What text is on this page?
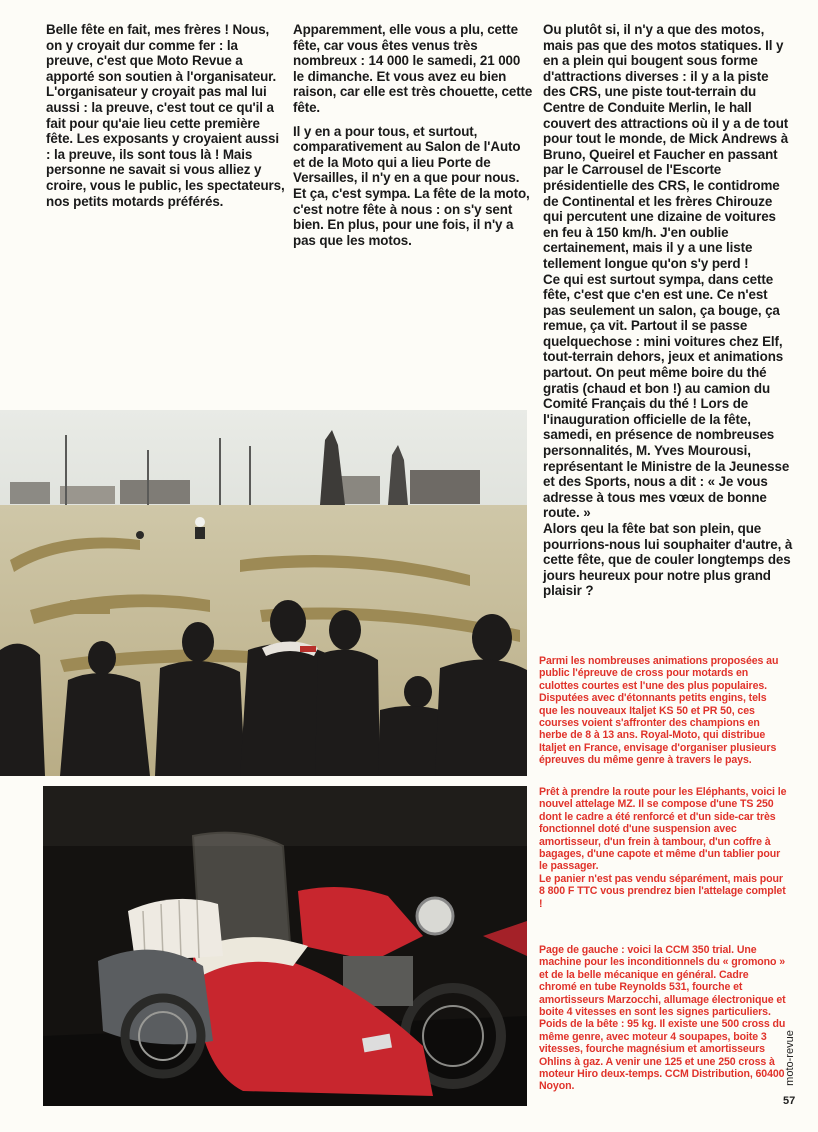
Belle fête en fait, mes frères ! Nous, on y croyait dur comme fer : la preuve, c'est que Moto Revue a apporté son soutien à l'organisateur. L'organisateur y croyait pas mal lui aussi : la preuve, c'est tout ce qu'il a fait pour qu'aie lieu cette première fête. Les exposants y croyaient aussi : la preuve, ils sont tous là ! Mais personne ne savait si vous alliez y croire, vous le public, les spectateurs, nos petits motards préférés.

Apparemment, elle vous a plu, cette fête, car vous êtes venus très nombreux : 14 000 le samedi, 21 000 le dimanche. Et vous avez eu bien raison, car elle est très chouette, cette fête.

Il y en a pour tous, et surtout, comparativement au Salon de l'Auto et de la Moto qui a lieu Porte de Versailles, il n'y en a que pour nous. Et ça, c'est sympa. La fête de la moto, c'est notre fête à nous : on s'y sent bien. En plus, pour une fois, il n'y a pas que les motos.

Ou plutôt si, il n'y a que des motos, mais pas que des motos statiques. Il y en a plein qui bougent sous forme d'attractions diverses : il y a la piste des CRS, une piste tout-terrain du Centre de Conduite Merlin, le hall couvert des attractions où il y a de tout pour tout le monde, de Mick Andrews à Bruno, Queirel et Faucher en passant par le Carrousel de l'Escorte présidentielle des CRS, le contidrome de Continental et les frères Chirouze qui percutent une dizaine de voitures en feu à 150 km/h. J'en oublie certainement, mais il y a une liste tellement longue qu'on s'y perd !

Ce qui est surtout sympa, dans cette fête, c'est que c'en est une. Ce n'est pas seulement un salon, ça bouge, ça remue, ça vit. Partout il se passe quelquechose : mini voitures chez Elf, tout-terrain dehors, jeux et animations partout. On peut même boire du thé gratis (chaud et bon !) au camion du Comité Français du thé ! Lors de l'inauguration officielle de la fête, samedi, en présence de nombreuses personnalités, M. Yves Mourousi, représentant le Ministre de la Jeunesse et des Sports, nous a dit : « Je vous adresse à tous mes vœux de bonne route. »

Alors qeu la fête bat son plein, que pourrions-nous lui souphaiter d'autre, à cette fête, que de couler longtemps des jours heureux pour notre plus grand plaisir ?

Parmi les nombreuses animations proposées au public l'épreuve de cross pour motards en culottes courtes est l'une des plus populaires.

Disputées avec d'étonnants petits engins, tels que les nouveaux Italjet KS 50 et PR 50, ces courses voient s'affronter des champions en herbe de 8 à 13 ans. Royal-Moto, qui distribue Italjet en France, envisage d'organiser plusieurs épreuves du même genre à travers le pays.

Prêt à prendre la route pour les Eléphants, voici le nouvel attelage MZ. Il se compose d'une TS 250 dont le cadre a été renforcé et d'un side-car très fonctionnel doté d'une suspension avec amortisseur, d'un frein à tambour, d'un coffre à bagages, d'une capote et même d'un tablier pour le passager.

Le panier n'est pas vendu séparément, mais pour 8 800 F TTC vous prendrez bien l'attelage complet !

Page de gauche : voici la CCM 350 trial. Une machine pour les inconditionnels du « gromono » et de la belle mécanique en général. Cadre chromé en tube Reynolds 531, fourche et amortisseurs Marzocchi, allumage électronique et boite 4 vitesses en sont les signes particuliers. Poids de la bête : 95 kg. Il existe une 500 cross du même genre, avec moteur 4 soupapes, boite 3 vitesses, fourche magnésium et amortisseurs Ohlins à gaz. A venir une 125 et une 250 cross à moteur Hiro deux-temps. CCM Distribution, 60400 Noyon.

moto-revue
57
